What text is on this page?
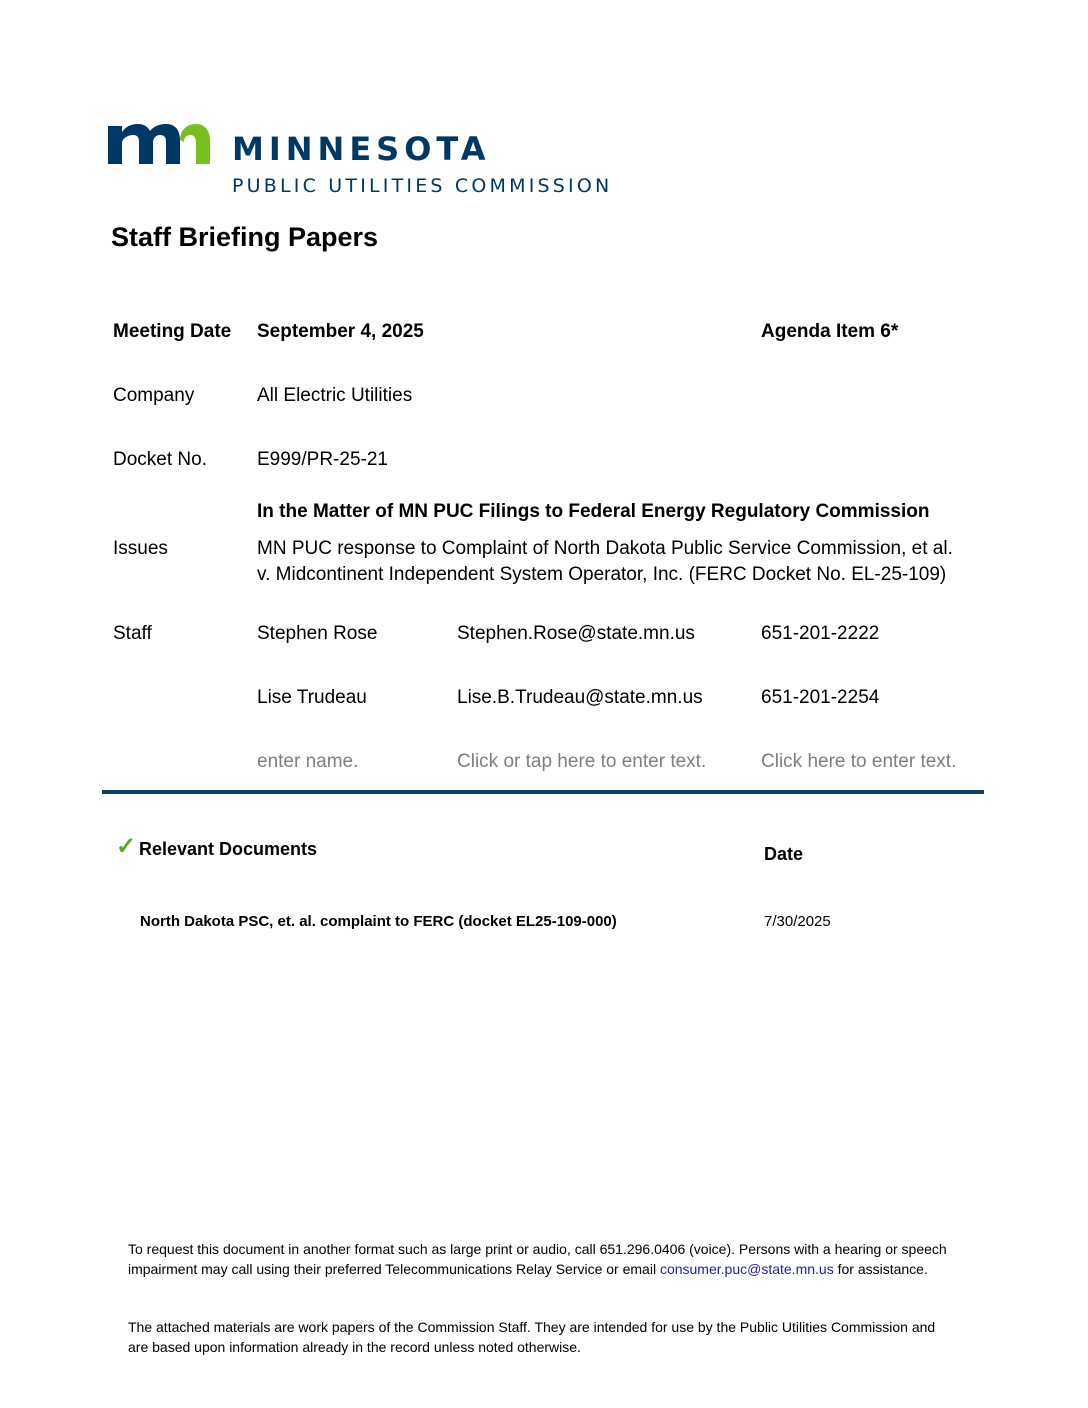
MINNESOTA
PUBLIC UTILITIES COMMISSION
Staff Briefing Papers
Meeting Date September 4, 2025	Agenda Item 6*
Company	All Electric Utilities
Docket No.	E999/PR-25-21
In the Matter of MN PUC Filings to Federal Energy Regulatory Commission
Issues	MN PUC response to Complaint of North Dakota Public Service Commission, et al.
v. Midcontinent Independent System Operator, Inc. (FERC Docket No. EL-25-109)
Staff	Stephen Rose	Stephen.Rose@state.mn.us	651-201-2222
Lise Trudeau	Lise.B.Trudeau@state.mn.us	651-201-2254
enter name.	Click or tap here to enter text.	Click here to enter text.
✓ Relevant Documents	Date
North Dakota PSC, et. al. complaint to FERC (docket EL25-109-000)	7/30/2025
To request this document in another format such as large print or audio, call 651.296.0406 (voice). Persons with a hearing or speech impairment may call using their preferred Telecommunications Relay Service or email consumer.puc@state.mn.us for assistance.
The attached materials are work papers of the Commission Staff. They are intended for use by the Public Utilities Commission and are based upon information already in the record unless noted otherwise.
